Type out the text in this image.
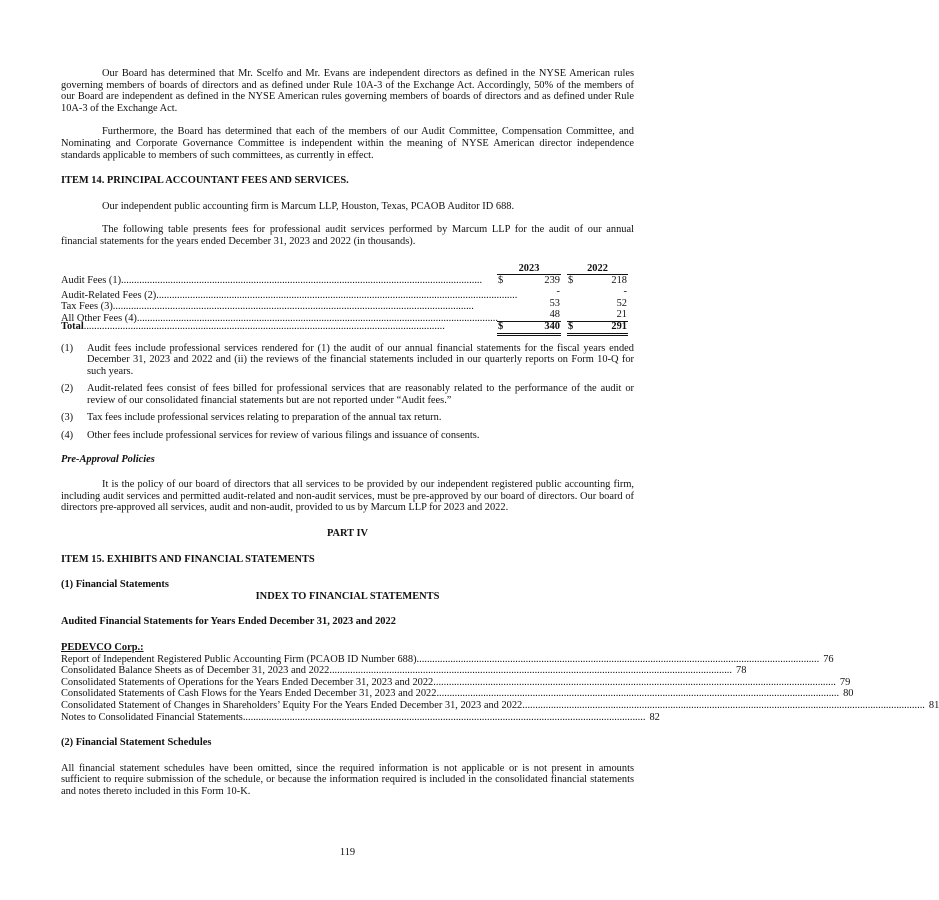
Our Board has determined that Mr. Scelfo and Mr. Evans are independent directors as defined in the NYSE American rules governing members of boards of directors and as defined under Rule 10A-3 of the Exchange Act. Accordingly, 50% of the members of our Board are independent as defined in the NYSE American rules governing members of boards of directors and as defined under Rule 10A-3 of the Exchange Act.

Furthermore, the Board has determined that each of the members of our Audit Committee, Compensation Committee, and Nominating and Corporate Governance Committee is independent within the meaning of NYSE American director independence standards applicable to members of such committees, as currently in effect.

ITEM 14. PRINCIPAL ACCOUNTANT FEES AND SERVICES.

Our independent public accounting firm is Marcum LLP, Houston, Texas, PCAOB Auditor ID 688.

The following table presents fees for professional audit services performed by Marcum LLP for the audit of our annual financial statements for the years ended December 31, 2023 and 2022 (in thousands).

2023	2022
Audit Fees (1)...........................................................................................................................................	$	239 $	218
Audit-Related Fees (2)...........................................................................................................................................	-	-
Tax Fees (3)...........................................................................................................................................	53	52
All Other Fees (4)...........................................................................................................................................	48	21
Total...........................................................................................................................................	$	340 $	291
(1)	Audit fees include professional services rendered for (1) the audit of our annual financial statements for the fiscal years ended December 31, 2023 and 2022 and (ii) the reviews of the financial statements included in our quarterly reports on Form 10-Q for such years.
(2)	Audit-related fees consist of fees billed for professional services that are reasonably related to the performance of the audit or review of our consolidated financial statements but are not reported under “Audit fees.”
(3)	Tax fees include professional services relating to preparation of the annual tax return.
(4)	Other fees include professional services for review of various filings and issuance of consents.

Pre-Approval Policies

It is the policy of our board of directors that all services to be provided by our independent registered public accounting firm, including audit services and permitted audit-related and non-audit services, must be pre-approved by our board of directors. Our board of directors pre-approved all services, audit and non-audit, provided to us by Marcum LLP for 2023 and 2022.

PART IV

ITEM 15. EXHIBITS AND FINANCIAL STATEMENTS

(1) Financial Statements

INDEX TO FINANCIAL STATEMENTS

Audited Financial Statements for Years Ended December 31, 2023 and 2022

PEDEVCO Corp.:

Report of Independent Registered Public Accounting Firm (PCAOB ID Number 688)........................................................................................................................................................... 76
Consolidated Balance Sheets as of December 31, 2023 and 2022........................................................................................................................................................... 78
Consolidated Statements of Operations for the Years Ended December 31, 2023 and 2022........................................................................................................................................................... 79
Consolidated Statements of Cash Flows for the Years Ended December 31, 2023 and 2022........................................................................................................................................................... 80
Consolidated Statement of Changes in Shareholders’ Equity For the Years Ended December 31, 2023 and 2022........................................................................................................................................................... 81
Notes to Consolidated Financial Statements........................................................................................................................................................... 82

(2) Financial Statement Schedules

All financial statement schedules have been omitted, since the required information is not applicable or is not present in amounts sufficient to require submission of the schedule, or because the information required is included in the consolidated financial statements and notes thereto included in this Form 10-K.

119
